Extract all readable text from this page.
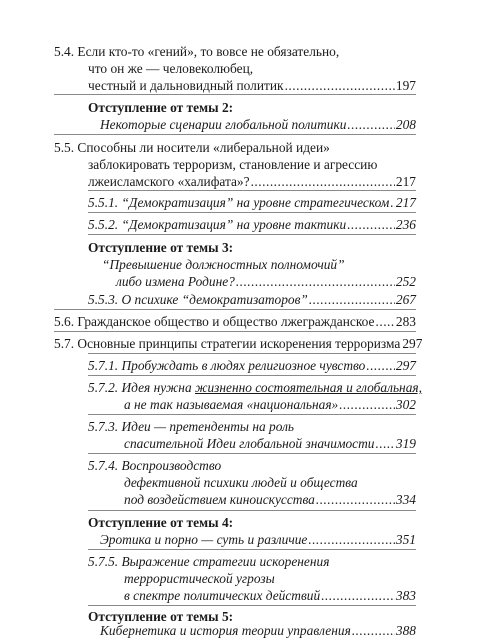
5.4. Если кто-то «гений», то вовсе не обязательно,
что он же — человеколюбец,
честный и дальновидный политик .....	197
Отступление от темы 2:
Некоторые сценарии глобальной политики .....	208
5.5. Способны ли носители «либеральной идеи»
заблокировать терроризм, становление и агрессию
лжеисламского «халифата»? .....	217
5.5.1. “Демократизация” на уровне стратегическом ..... 217
5.5.2. “Демократизация” на уровне тактики .....	236
Отступление от темы 3:
“Превышение должностных полномочий”
либо измена Родине? .....	252
5.5.3. О психике “демократизаторов” .....	267
5.6. Гражданское общество и общество лжегражданское ..... 283
5.7. Основные принципы стратегии искоренения терроризма 297
5.7.1. Пробуждать в людях религиозное чувство ..... 297
5.7.2. Идея нужна жизненно состоятельная и глобальная,
а не так называемая «национальная» .....	302
5.7.3. Идеи — претенденты на роль
спасительной Идеи глобальной значимости ..... 319
5.7.4. Воспроизводство
дефективной психики людей и общества
под воздействием киноискусства .....	334
Отступление от темы 4:
Эротика и порно — суть и различие .....	351
5.7.5. Выражение стратегии искоренения
террористической угрозы
в спектре политических действий .....	383
Отступление от темы 5:
Кибернетика и история теории управления .....	388
